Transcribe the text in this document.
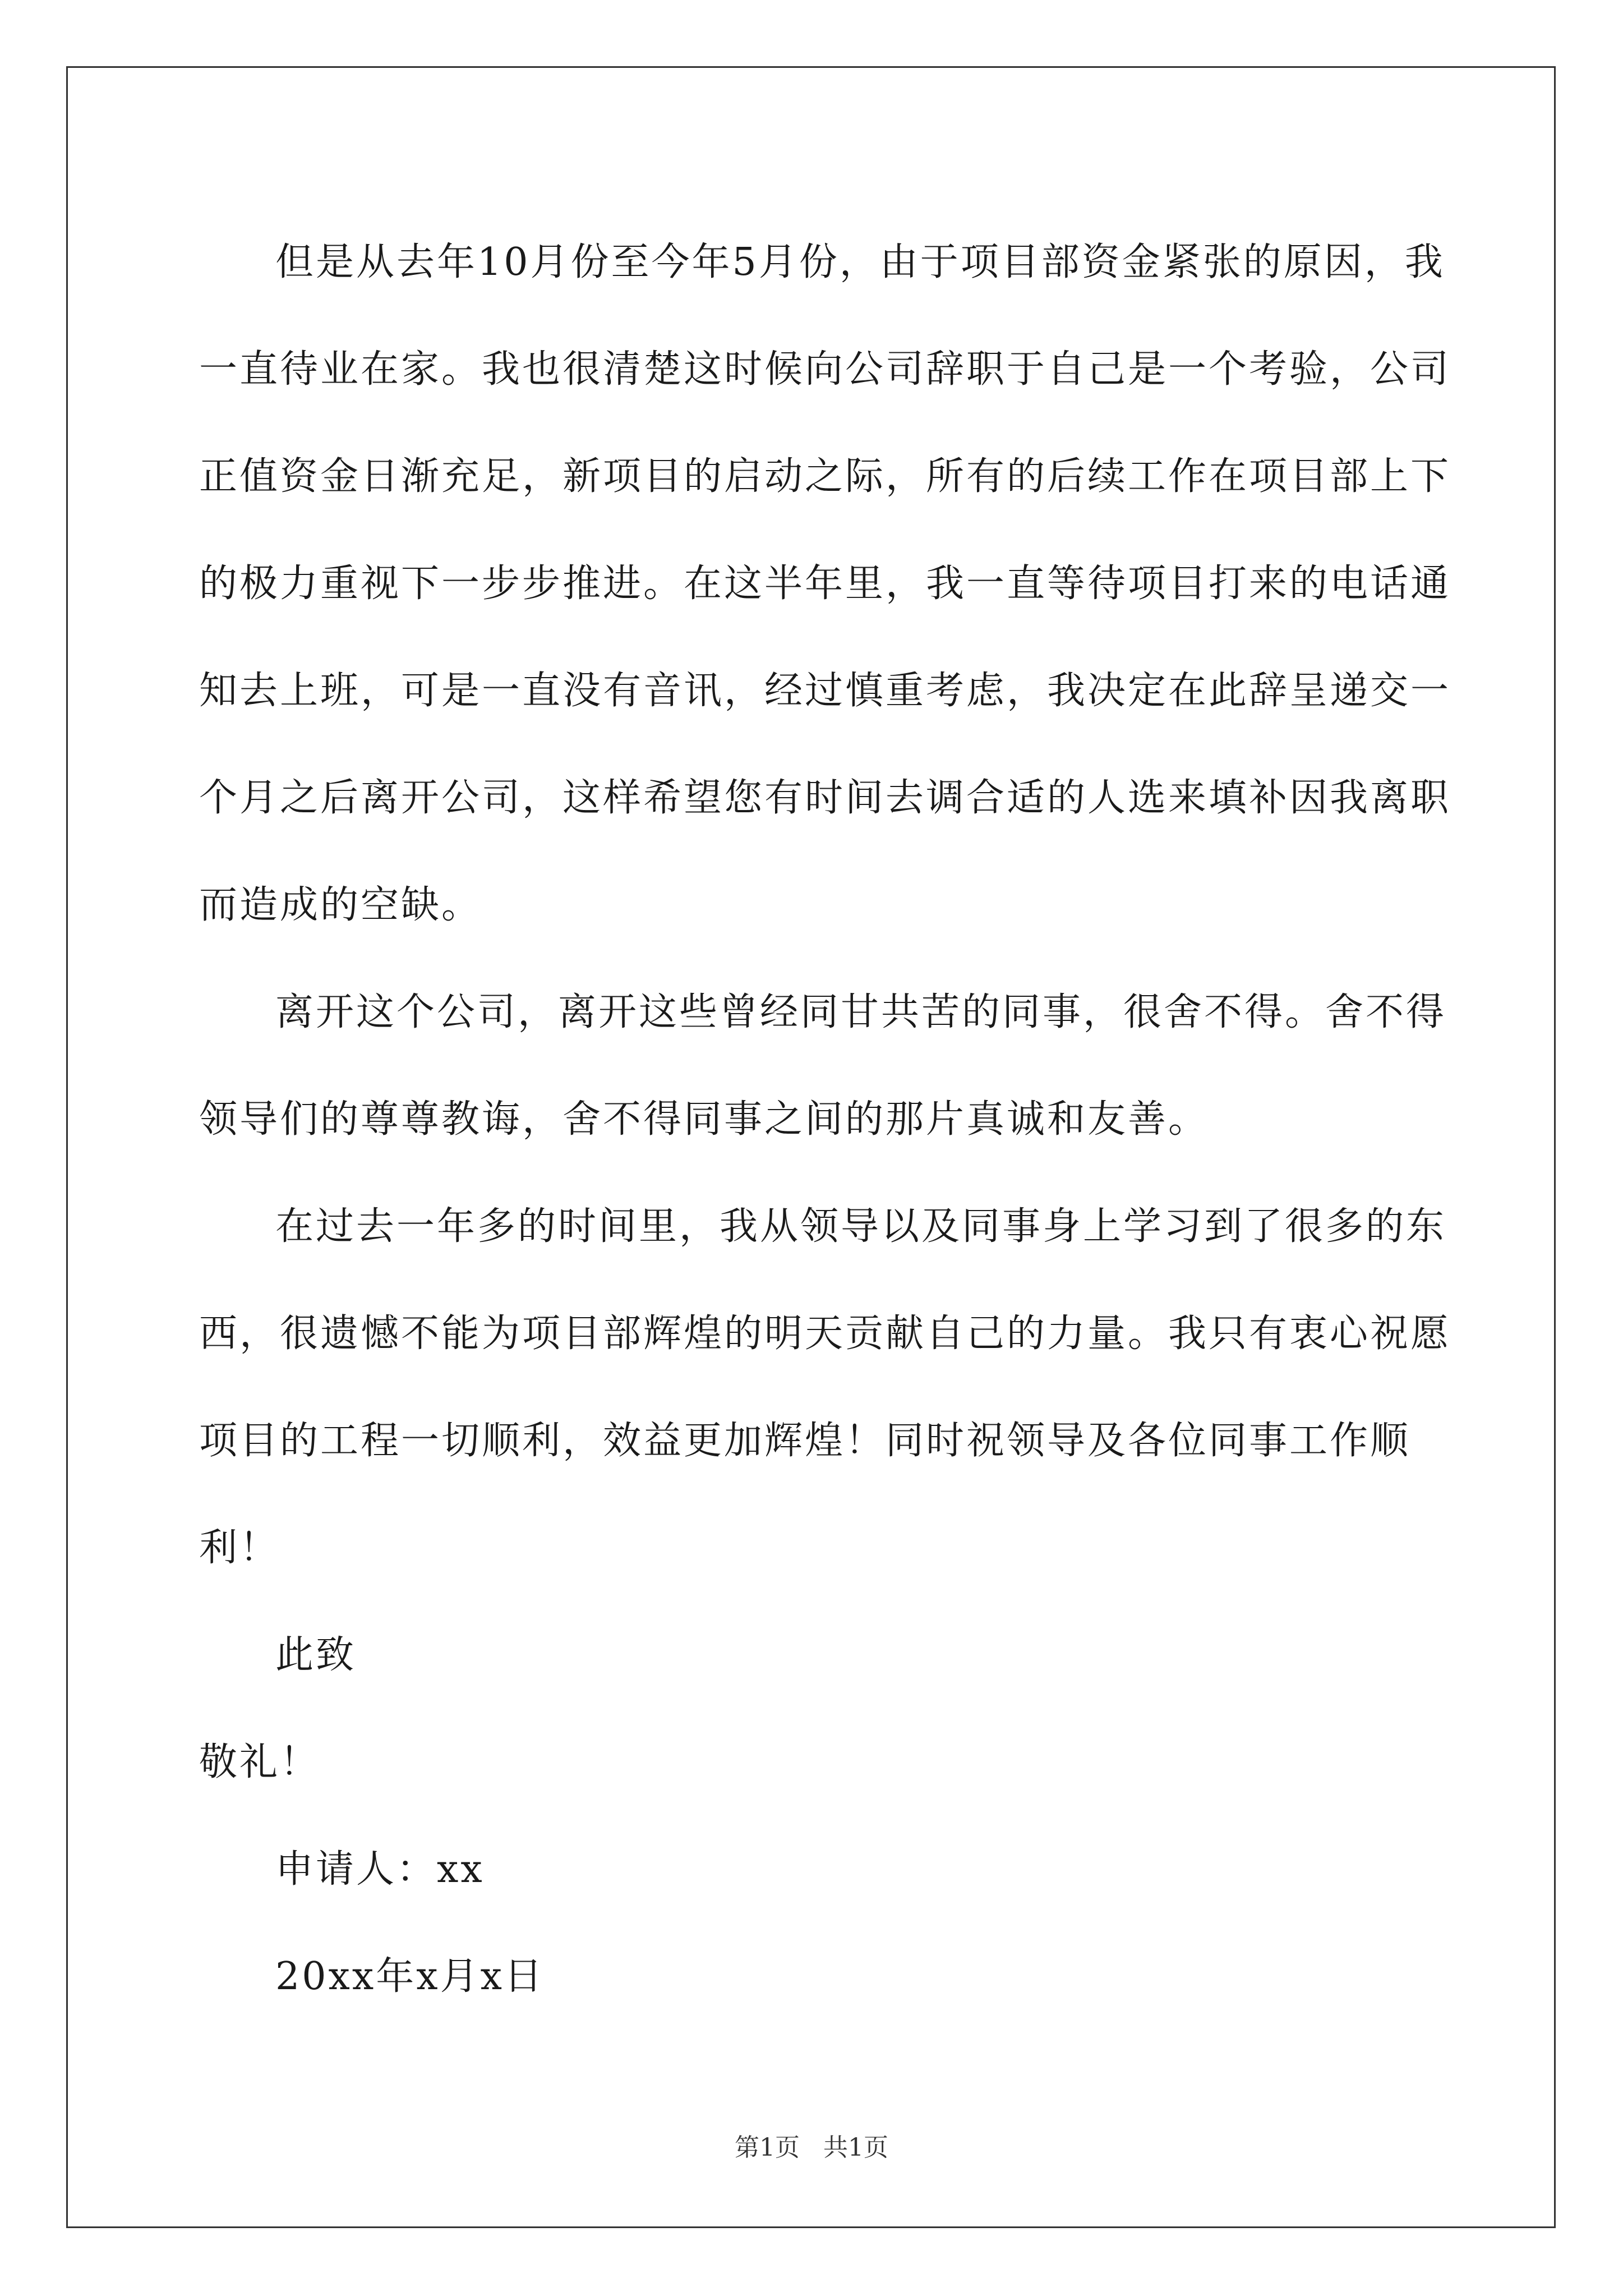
但是从去年10月份至今年5月份，由于项目部资金紧张的原因，我一直待业在家。我也很清楚这时候向公司辞职于自己是一个考验，公司正值资金日渐充足，新项目的启动之际，所有的后续工作在项目部上下的极力重视下一步步推进。在这半年里，我一直等待项目打来的电话通知去上班，可是一直没有音讯，经过慎重考虑，我决定在此辞呈递交一个月之后离开公司，这样希望您有时间去调合适的人选来填补因我离职而造成的空缺。

离开这个公司，离开这些曾经同甘共苦的同事，很舍不得。舍不得领导们的尊尊教诲，舍不得同事之间的那片真诚和友善。

在过去一年多的时间里，我从领导以及同事身上学习到了很多的东西，很遗憾不能为项目部辉煌的明天贡献自己的力量。我只有衷心祝愿项目的工程一切顺利，效益更加辉煌！同时祝领导及各位同事工作顺利！

此致

敬礼！

申请人：xx

20xx年x月x日

第1页 共1页
